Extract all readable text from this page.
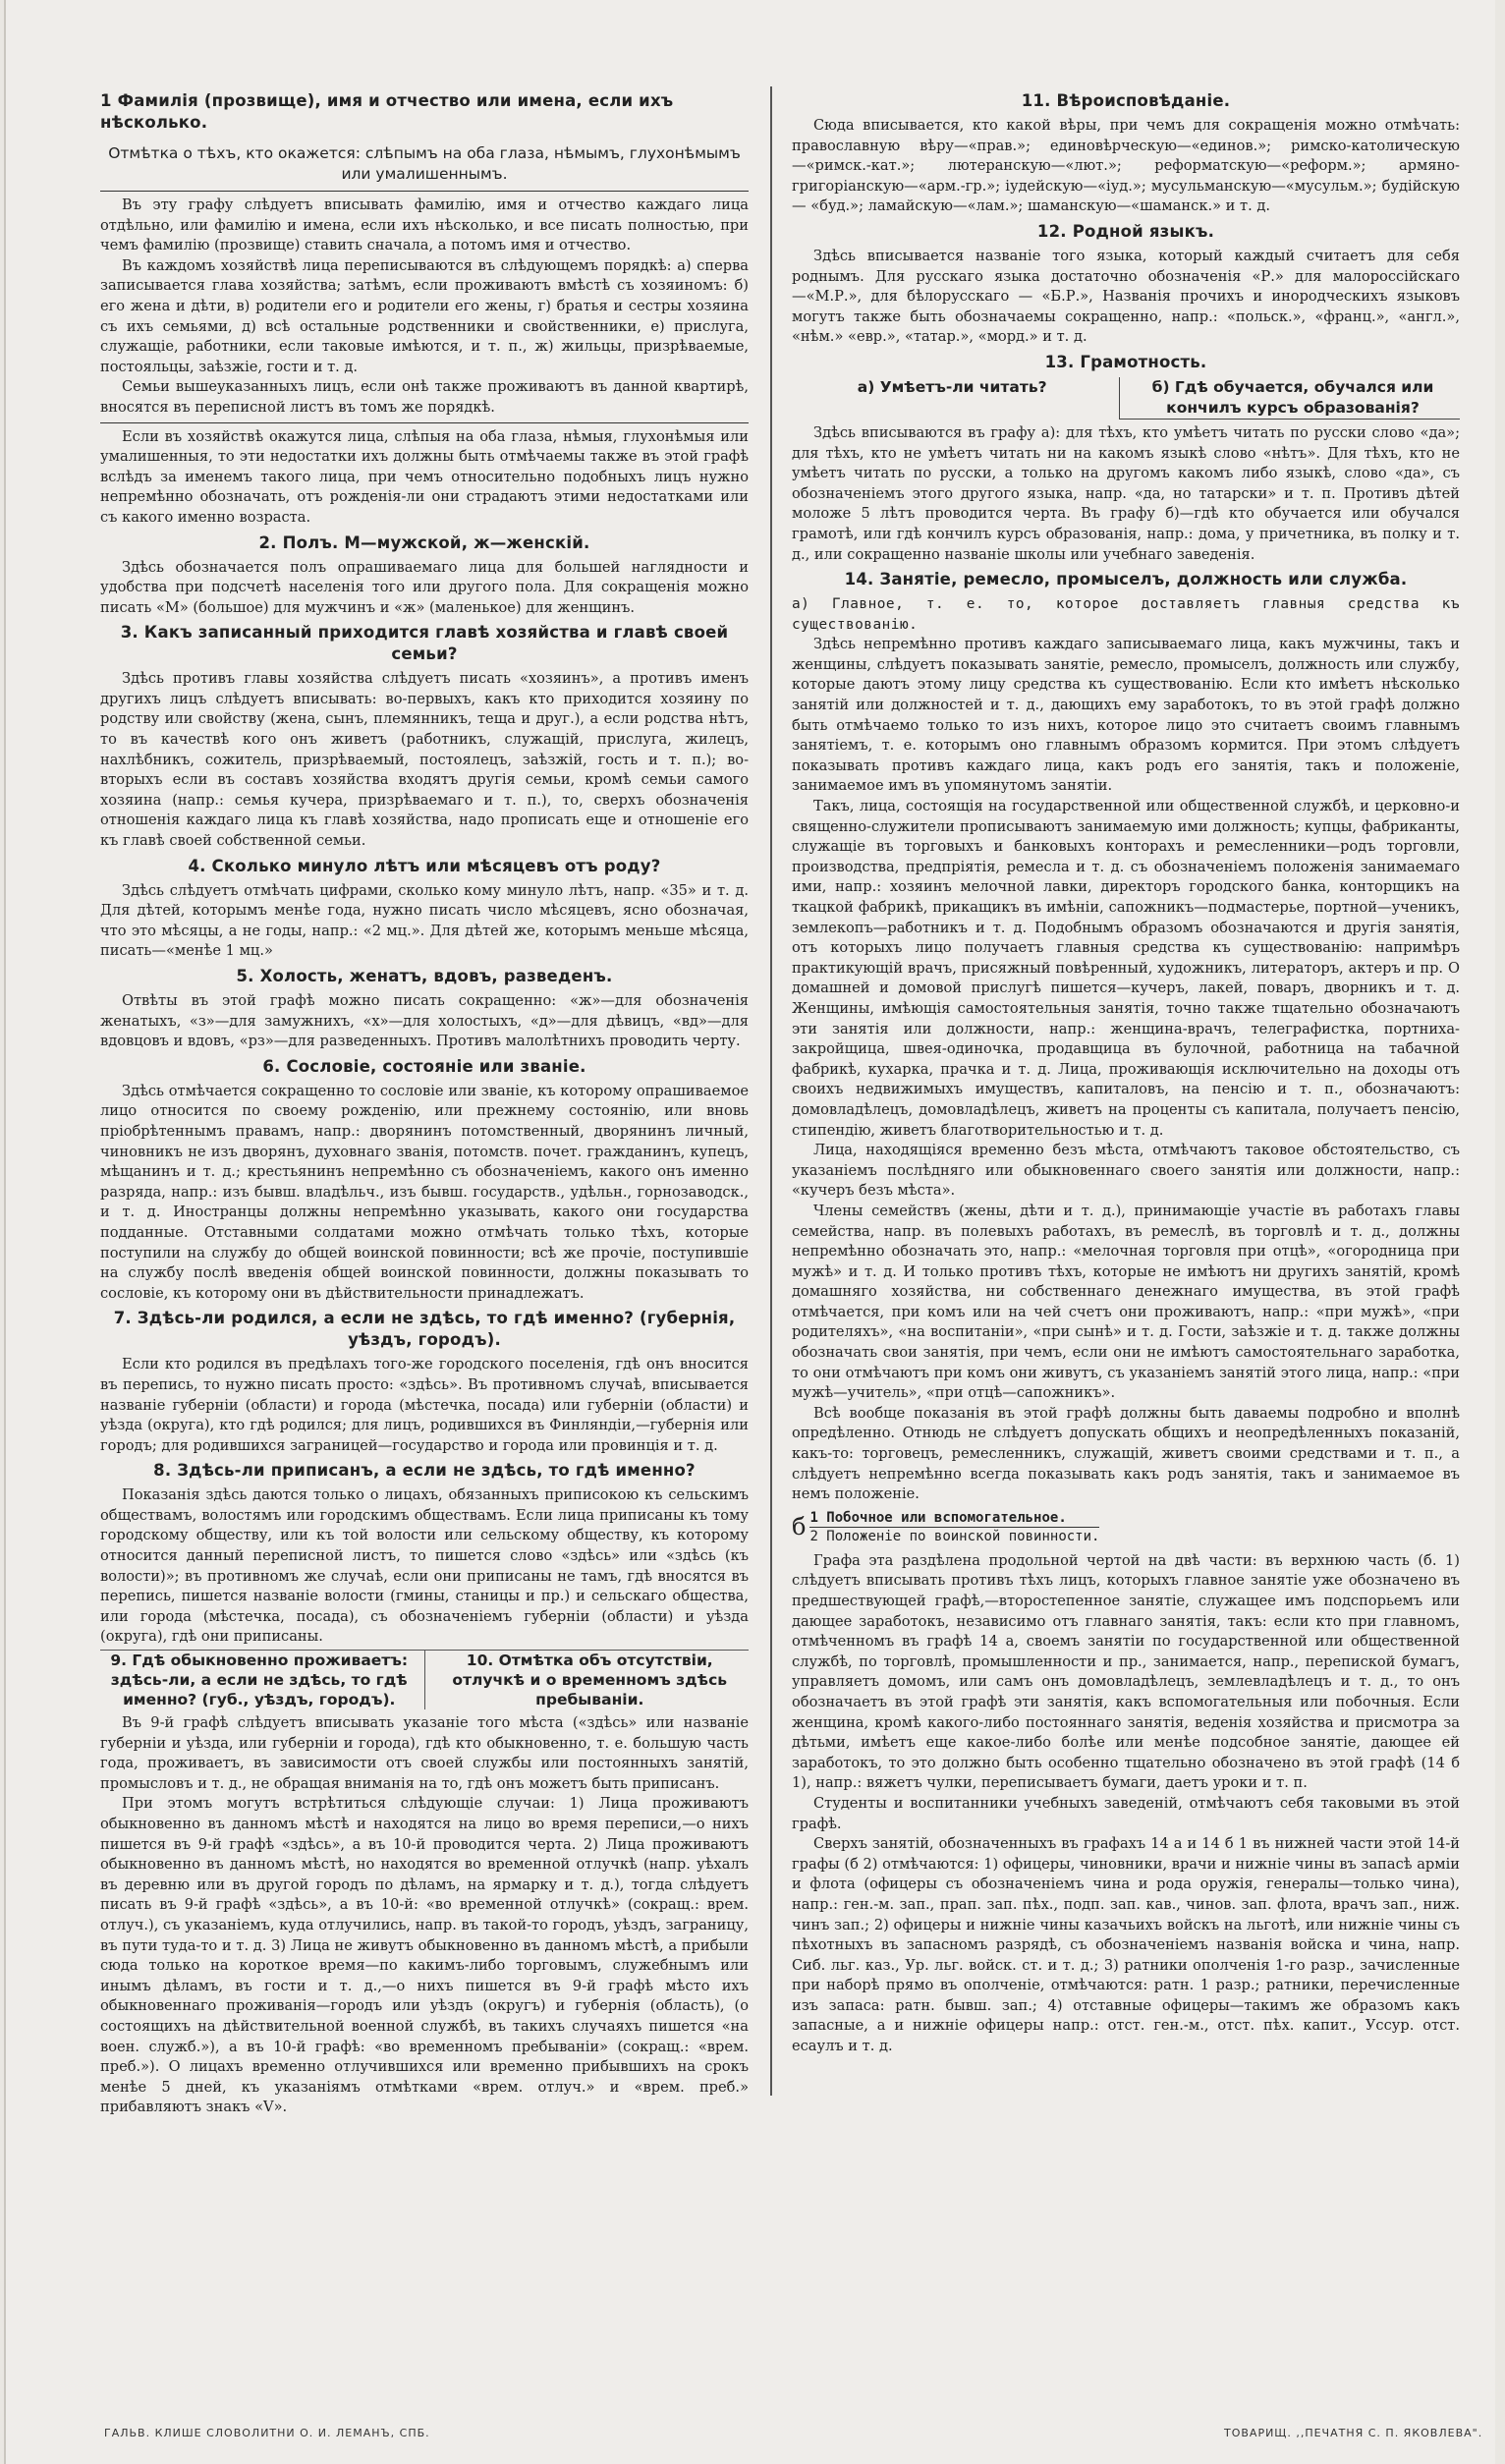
1 Фамилія (прозвище), имя и отчество или имена, если ихъ нѣсколько.
Отмѣтка о тѣхъ, кто окажется: слѣпымъ на оба глаза, нѣмымъ, глухонѣмымъ или умалишеннымъ.

Въ эту графу слѣдуетъ вписывать фамилію, имя и отчество каждаго лица отдѣльно, или фамилію и имена, если ихъ нѣсколько, и все писать полностью, при чемъ фамилію (прозвище) ставить сначала, а потомъ имя и отчество.

Въ каждомъ хозяйствѣ лица переписываются въ слѣдующемъ порядкѣ: а) сперва записывается глава хозяйства; затѣмъ, если проживаютъ вмѣстѣ съ хозяиномъ: б) его жена и дѣти, в) родители его и родители его жены, г) братья и сестры хозяина съ ихъ семьями, д) всѣ остальные родственники и свойственники, е) прислуга, служащіе, работники, если таковые имѣются, и т. п., ж) жильцы, призрѣваемые, постояльцы, заѣзжіе, гости и т. д.

Семьи вышеуказанныхъ лицъ, если онѣ также проживаютъ въ данной квартирѣ, вносятся въ переписной листъ въ томъ же порядкѣ.

Если въ хозяйствѣ окажутся лица, слѣпыя на оба глаза, нѣмыя, глухонѣмыя или умалишенныя, то эти недостатки ихъ должны быть отмѣчаемы также въ этой графѣ вслѣдъ за именемъ такого лица, при чемъ относительно подобныхъ лицъ нужно непремѣнно обозначать, отъ рожденія-ли они страдаютъ этими недостатками или съ какого именно возраста.

2. Полъ. М—мужской, ж—женскій.

Здѣсь обозначается полъ опрашиваемаго лица для большей наглядности и удобства при подсчетѣ населенія того или другого пола. Для сокращенія можно писать «М» (большое) для мужчинъ и «ж» (маленькое) для женщинъ.

3. Какъ записанный приходится главѣ хозяйства и главѣ своей семьи?

Здѣсь противъ главы хозяйства слѣдуетъ писать «хозяинъ», а противъ именъ другихъ лицъ слѣдуетъ вписывать: во-первыхъ, какъ кто приходится хозяину по родству или свойству (жена, сынъ, племянникъ, теща и друг.), а если родства нѣтъ, то въ качествѣ кого онъ живетъ (работникъ, служащій, прислуга, жилецъ, нахлѣбникъ, сожитель, призрѣваемый, постоялецъ, заѣзжій, гость и т. п.); во-вторыхъ если въ составъ хозяйства входятъ другія семьи, кромѣ семьи самого хозяина (напр.: семья кучера, призрѣваемаго и т. п.), то, сверхъ обозначенія отношенія каждаго лица къ главѣ хозяйства, надо прописать еще и отношеніе его къ главѣ своей собственной семьи.

4. Сколько минуло лѣтъ или мѣсяцевъ отъ роду?

Здѣсь слѣдуетъ отмѣчать цифрами, сколько кому минуло лѣтъ, напр. «35» и т. д. Для дѣтей, которымъ менѣе года, нужно писать число мѣсяцевъ, ясно обозначая, что это мѣсяцы, а не годы, напр.: «2 мц.». Для дѣтей же, которымъ меньше мѣсяца, писать—«менѣе 1 мц.»

5. Холость, женатъ, вдовъ, разведенъ.

Отвѣты въ этой графѣ можно писать сокращенно: «ж»—для обозначенія женатыхъ, «з»—для замужнихъ, «х»—для холостыхъ, «д»—для дѣвицъ, «вд»—для вдовцовъ и вдовъ, «рз»—для разведенныхъ. Противъ малолѣтнихъ проводить черту.

6. Сословіе, состояніе или званіе.

Здѣсь отмѣчается сокращенно то сословіе или званіе, къ которому опрашиваемое лицо относится по своему рожденію, или прежнему состоянію, или вновь пріобрѣтеннымъ правамъ, напр.: дворянинъ потомственный, дворянинъ личный, чиновникъ не изъ дворянъ, духовнаго званія, потомств. почет. гражданинъ, купецъ, мѣщанинъ и т. д.; крестьянинъ непремѣнно съ обозначеніемъ, какого онъ именно разряда, напр.: изъ бывш. владѣльч., изъ бывш. государств., удѣльн., горнозаводск., и т. д. Иностранцы должны непремѣнно указывать, какого они государства подданные. Отставными солдатами можно отмѣчать только тѣхъ, которые поступили на службу до общей воинской повинности; всѣ же прочіе, поступившіе на службу послѣ введенія общей воинской повинности, должны показывать то сословіе, къ которому они въ дѣйствительности принадлежатъ.

7. Здѣсь-ли родился, а если не здѣсь, то гдѣ именно? (губернія, уѣздъ, городъ).

Если кто родился въ предѣлахъ того-же городского поселенія, гдѣ онъ вносится въ перепись, то нужно писать просто: «здѣсь». Въ противномъ случаѣ, вписывается названіе губерніи (области) и города (мѣстечка, посада) или губерніи (области) и уѣзда (округа), кто гдѣ родился; для лицъ, родившихся въ Финляндіи,—губернія или городъ; для родившихся заграницей—государство и города или провинція и т. д.

8. Здѣсь-ли приписанъ, а если не здѣсь, то гдѣ именно?

Показанія здѣсь даются только о лицахъ, обязанныхъ приписокою къ сельскимъ обществамъ, волостямъ или городскимъ обществамъ. Если лица приписаны къ тому городскому обществу, или къ той волости или сельскому обществу, къ которому относится данный переписной листъ, то пишется слово «здѣсь» или «здѣсь (къ волости)»; въ противномъ же случаѣ, если они приписаны не тамъ, гдѣ вносятся въ перепись, пишется названіе волости (гмины, станицы и пр.) и сельскаго общества, или города (мѣстечка, посада), съ обозначеніемъ губерніи (области) и уѣзда (округа), гдѣ они приписаны.

9. Гдѣ обыкновенно проживаетъ: здѣсь-ли, а если не здѣсь, то гдѣ именно? (губ., уѣздъ, городъ).
10. Отмѣтка объ отсутствіи, отлучкѣ и о временномъ здѣсь пребываніи.

Въ 9-й графѣ слѣдуетъ вписывать указаніе того мѣста («здѣсь» или названіе губерніи и уѣзда, или губерніи и города), гдѣ кто обыкновенно, т. е. большую часть года, проживаетъ, въ зависимости отъ своей службы или постоянныхъ занятій, промысловъ и т. д., не обращая вниманія на то, гдѣ онъ можетъ быть приписанъ.

При этомъ могутъ встрѣтиться слѣдующіе случаи: 1) Лица проживаютъ обыкновенно въ данномъ мѣстѣ и находятся на лицо во время переписи,—о нихъ пишется въ 9-й графѣ «здѣсь», а въ 10-й проводится черта. 2) Лица проживаютъ обыкновенно въ данномъ мѣстѣ, но находятся во временной отлучкѣ (напр. уѣхалъ въ деревню или въ другой городъ по дѣламъ, на ярмарку и т. д.), тогда слѣдуетъ писать въ 9-й графѣ «здѣсь», а въ 10-й: «во временной отлучкѣ» (сокращ.: врем. отлуч.), съ указаніемъ, куда отлучились, напр. въ такой-то городъ, уѣздъ, заграницу, въ пути туда-то и т. д. 3) Лица не живутъ обыкновенно въ данномъ мѣстѣ, а прибыли сюда только на короткое время—по какимъ-либо торговымъ, служебнымъ или инымъ дѣламъ, въ гости и т. д.,—о нихъ пишется въ 9-й графѣ мѣсто ихъ обыкновеннаго проживанія—городъ или уѣздъ (округъ) и губернія (область), (о состоящихъ на дѣйствительной военной службѣ, въ такихъ случаяхъ пишется «на воен. служб.»), а въ 10-й графѣ: «во временномъ пребываніи» (сокращ.: «врем. преб.»). О лицахъ временно отлучившихся или временно прибывшихъ на срокъ менѣе 5 дней, къ указаніямъ отмѣтками «врем. отлуч.» и «врем. преб.» прибавляютъ знакъ «V».

11. Вѣроисповѣданіе.

Сюда вписывается, кто какой вѣры, при чемъ для сокращенія можно отмѣчать: православную вѣру—«прав.»; единовѣрческую—«единов.»; римско-католическую—«римск.-кат.»; лютеранскую—«лют.»; реформатскую—«реформ.»; армяно-григоріанскую—«арм.-гр.»; іудейскую—«іуд.»; мусульманскую—«мусульм.»; будійскую — «буд.»; ламайскую—«лам.»; шаманскую—«шаманск.» и т. д.

12. Родной языкъ.

Здѣсь вписывается названіе того языка, который каждый считаетъ для себя роднымъ. Для русскаго языка достаточно обозначенія «Р.» для малороссійскаго—«М.Р.», для бѣлорусскаго — «Б.Р.», Названія прочихъ и инородческихъ языковъ могутъ также быть обозначаемы сокращенно, напр.: «польск.», «франц.», «англ.», «нѣм.» «евр.», «татар.», «морд.» и т. д.

13. Грамотность.
а) Умѣетъ-ли читать?	б) Гдѣ обучается, обучался или кончилъ курсъ образованія?

Здѣсь вписываются въ графу а): для тѣхъ, кто умѣетъ читать по русски слово «да»; для тѣхъ, кто не умѣетъ читать ни на какомъ языкѣ слово «нѣтъ». Для тѣхъ, кто не умѣетъ читать по русски, а только на другомъ какомъ либо языкѣ, слово «да», съ обозначеніемъ этого другого языка, напр. «да, но татарски» и т. п. Противъ дѣтей моложе 5 лѣтъ проводится черта. Въ графу б)—гдѣ кто обучается или обучался грамотѣ, или гдѣ кончилъ курсъ образованія, напр.: дома, у причетника, въ полку и т. д., или сокращенно названіе школы или учебнаго заведенія.

14. Занятіе, ремесло, промыселъ, должность или служба.

а) Главное, т. е. то, которое доставляетъ главныя средства къ существованію.

Здѣсь непремѣнно противъ каждаго записываемаго лица, какъ мужчины, такъ и женщины, слѣдуетъ показывать занятіе, ремесло, промыселъ, должность или службу, которые даютъ этому лицу средства къ существованію. Если кто имѣетъ нѣсколько занятій или должностей и т. д., дающихъ ему заработокъ, то въ этой графѣ должно быть отмѣчаемо только то изъ нихъ, которое лицо это считаетъ своимъ главнымъ занятіемъ, т. е. которымъ оно главнымъ образомъ кормится. При этомъ слѣдуетъ показывать противъ каждаго лица, какъ родъ его занятія, такъ и положеніе, занимаемое имъ въ упомянутомъ занятіи.

Такъ, лица, состоящія на государственной или общественной службѣ, и церковно-и священно-служители прописываютъ занимаемую ими должность; купцы, фабриканты, служащіе въ торговыхъ и банковыхъ конторахъ и ремесленники—родъ торговли, производства, предпріятія, ремесла и т. д. съ обозначеніемъ положенія занимаемаго ими, напр.: хозяинъ мелочной лавки, директоръ городского банка, конторщикъ на ткацкой фабрикѣ, прикащикъ въ имѣніи, сапожникъ—подмастерье, портной—ученикъ, землекопъ—работникъ и т. д. Подобнымъ образомъ обозначаются и другія занятія, отъ которыхъ лицо получаетъ главныя средства къ существованію: напримѣръ практикующій врачъ, присяжный повѣренный, художникъ, литераторъ, актеръ и пр. О домашней и домовой прислугѣ пишется—кучеръ, лакей, поваръ, дворникъ и т. д. Женщины, имѣющія самостоятельныя занятія, точно также тщательно обозначаютъ эти занятія или должности, напр.: женщина-врачъ, телеграфистка, портниха-закройщица, швея-одиночка, продавщица въ булочной, работница на табачной фабрикѣ, кухарка, прачка и т. д. Лица, проживающія исключительно на доходы отъ своихъ недвижимыхъ имуществъ, капиталовъ, на пенсію и т. п., обозначаютъ: домовладѣлецъ, домовладѣлецъ, живетъ на проценты съ капитала, получаетъ пенсію, стипендію, живетъ благотворительностью и т. д.

Лица, находящіяся временно безъ мѣста, отмѣчаютъ таковое обстоятельство, съ указаніемъ послѣдняго или обыкновеннаго своего занятія или должности, напр.: «кучеръ безъ мѣста».

Члены семействъ (жены, дѣти и т. д.), принимающіе участіе въ работахъ главы семейства, напр. въ полевыхъ работахъ, въ ремеслѣ, въ торговлѣ и т. д., должны непремѣнно обозначать это, напр.: «мелочная торговля при отцѣ», «огородница при мужѣ» и т. д. И только противъ тѣхъ, которые не имѣютъ ни другихъ занятій, кромѣ домашняго хозяйства, ни собственнаго денежнаго имущества, въ этой графѣ отмѣчается, при комъ или на чей счетъ они проживаютъ, напр.: «при мужѣ», «при родителяхъ», «на воспитаніи», «при сынѣ» и т. д. Гости, заѣзжіе и т. д. также должны обозначать свои занятія, при чемъ, если они не имѣютъ самостоятельнаго заработка, то они отмѣчаютъ при комъ они живутъ, съ указаніемъ занятій этого лица, напр.: «при мужѣ—учитель», «при отцѣ—сапожникъ».

Всѣ вообще показанія въ этой графѣ должны быть даваемы подробно и вполнѣ опредѣленно. Отнюдь не слѣдуетъ допускать общихъ и неопредѣленныхъ показаній, какъ-то: торговецъ, ремесленникъ, служащій, живетъ своими средствами и т. п., а слѣдуетъ непремѣнно всегда показывать какъ родъ занятія, такъ и занимаемое въ немъ положеніе.

б 1 Побочное или вспомогательное.
2 Положеніе по воинской повинности.

Графа эта раздѣлена продольной чертой на двѣ части: въ верхнюю часть (б. 1) слѣдуетъ вписывать противъ тѣхъ лицъ, которыхъ главное занятіе уже обозначено въ предшествующей графѣ,—второстепенное занятіе, служащее имъ подспорьемъ или дающее заработокъ, независимо отъ главнаго занятія, такъ: если кто при главномъ, отмѣченномъ въ графѣ 14 а, своемъ занятіи по государственной или общественной службѣ, по торговлѣ, промышленности и пр., занимается, напр., перепиской бумагъ, управляетъ домомъ, или самъ онъ домовладѣлецъ, землевладѣлецъ и т. д., то онъ обозначаетъ въ этой графѣ эти занятія, какъ вспомогательныя или побочныя. Если женщина, кромѣ какого-либо постояннаго занятія, веденія хозяйства и присмотра за дѣтьми, имѣетъ еще какое-либо болѣе или менѣе подсобное занятіе, дающее ей заработокъ, то это должно быть особенно тщательно обозначено въ этой графѣ (14 б 1), напр.: вяжетъ чулки, переписываетъ бумаги, даетъ уроки и т. п.

Студенты и воспитанники учебныхъ заведеній, отмѣчаютъ себя таковыми въ этой графѣ.

Сверхъ занятій, обозначенныхъ въ графахъ 14 а и 14 б 1 въ нижней части этой 14-й графы (б 2) отмѣчаются: 1) офицеры, чиновники, врачи и нижніе чины въ запасѣ арміи и флота (офицеры съ обозначеніемъ чина и рода оружія, генералы—только чина), напр.: ген.-м. зап., прап. зап. пѣх., подп. зап. кав., чинов. зап. флота, врачъ зап., ниж. чинъ зап.; 2) офицеры и нижніе чины казачьихъ войскъ на льготѣ, или нижніе чины съ пѣхотныхъ въ запасномъ разрядѣ, съ обозначеніемъ названія войска и чина, напр. Сиб. льг. каз., Ур. льг. войск. ст. и т. д.; 3) ратники ополченія 1-го разр., зачисленные при наборѣ прямо въ ополченіе, отмѣчаются: ратн. 1 разр.; ратники, перечисленные изъ запаса: ратн. бывш. зап.; 4) отставные офицеры—такимъ же образомъ какъ запасные, а и нижніе офицеры напр.: отст. ген.-м., отст. пѣх. капит., Уссур. отст. есаулъ и т. д.

ГАЛЬВ. КЛИШЕ СЛОВОЛИТНИ О. И. ЛЕМАНЪ, СПБ.	ТОВАРИЩ. ,,ПЕЧАТНЯ С. П. ЯКОВЛЕВА".
